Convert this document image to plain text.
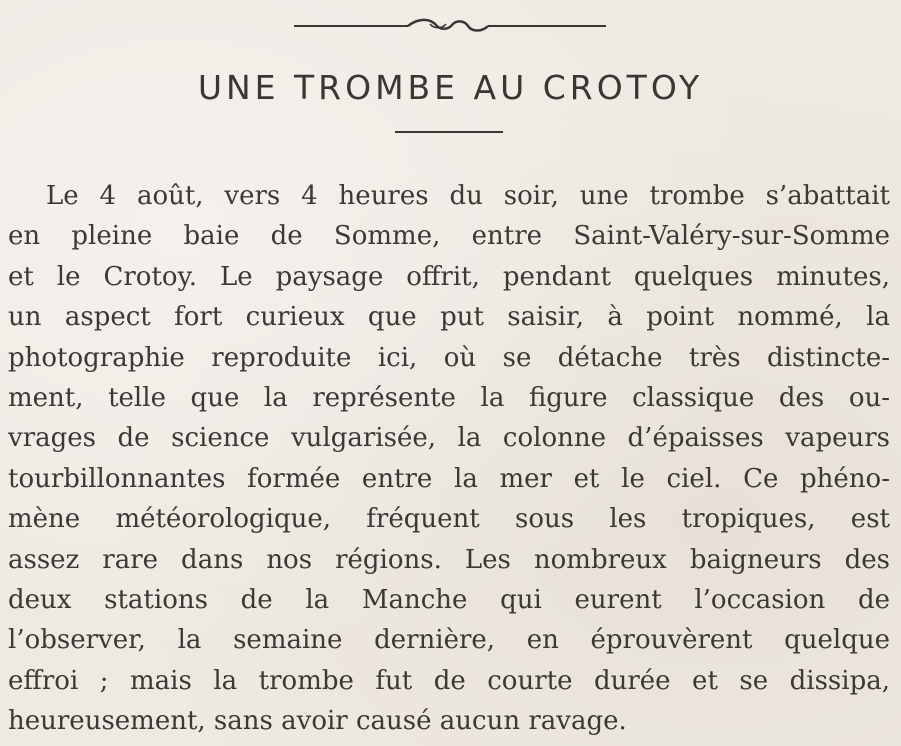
UNE TROMBE AU CROTOY
Le 4 août, vers 4 heures du soir, une trombe s’abattait
en pleine baie de Somme, entre Saint-Valéry-sur-Somme
et le Crotoy. Le paysage offrit, pendant quelques minutes,
un aspect fort curieux que put saisir, à point nommé, la
photographie reproduite ici, où se détache très distincte-
ment, telle que la représente la figure classique des ou-
vrages de science vulgarisée, la colonne d’épaisses vapeurs
tourbillonnantes formée entre la mer et le ciel. Ce phéno-
mène météorologique, fréquent sous les tropiques, est
assez rare dans nos régions. Les nombreux baigneurs des
deux stations de la Manche qui eurent l’occasion de
l’observer, la semaine dernière, en éprouvèrent quelque
effroi ; mais la trombe fut de courte durée et se dissipa,
heureusement, sans avoir causé aucun ravage.
